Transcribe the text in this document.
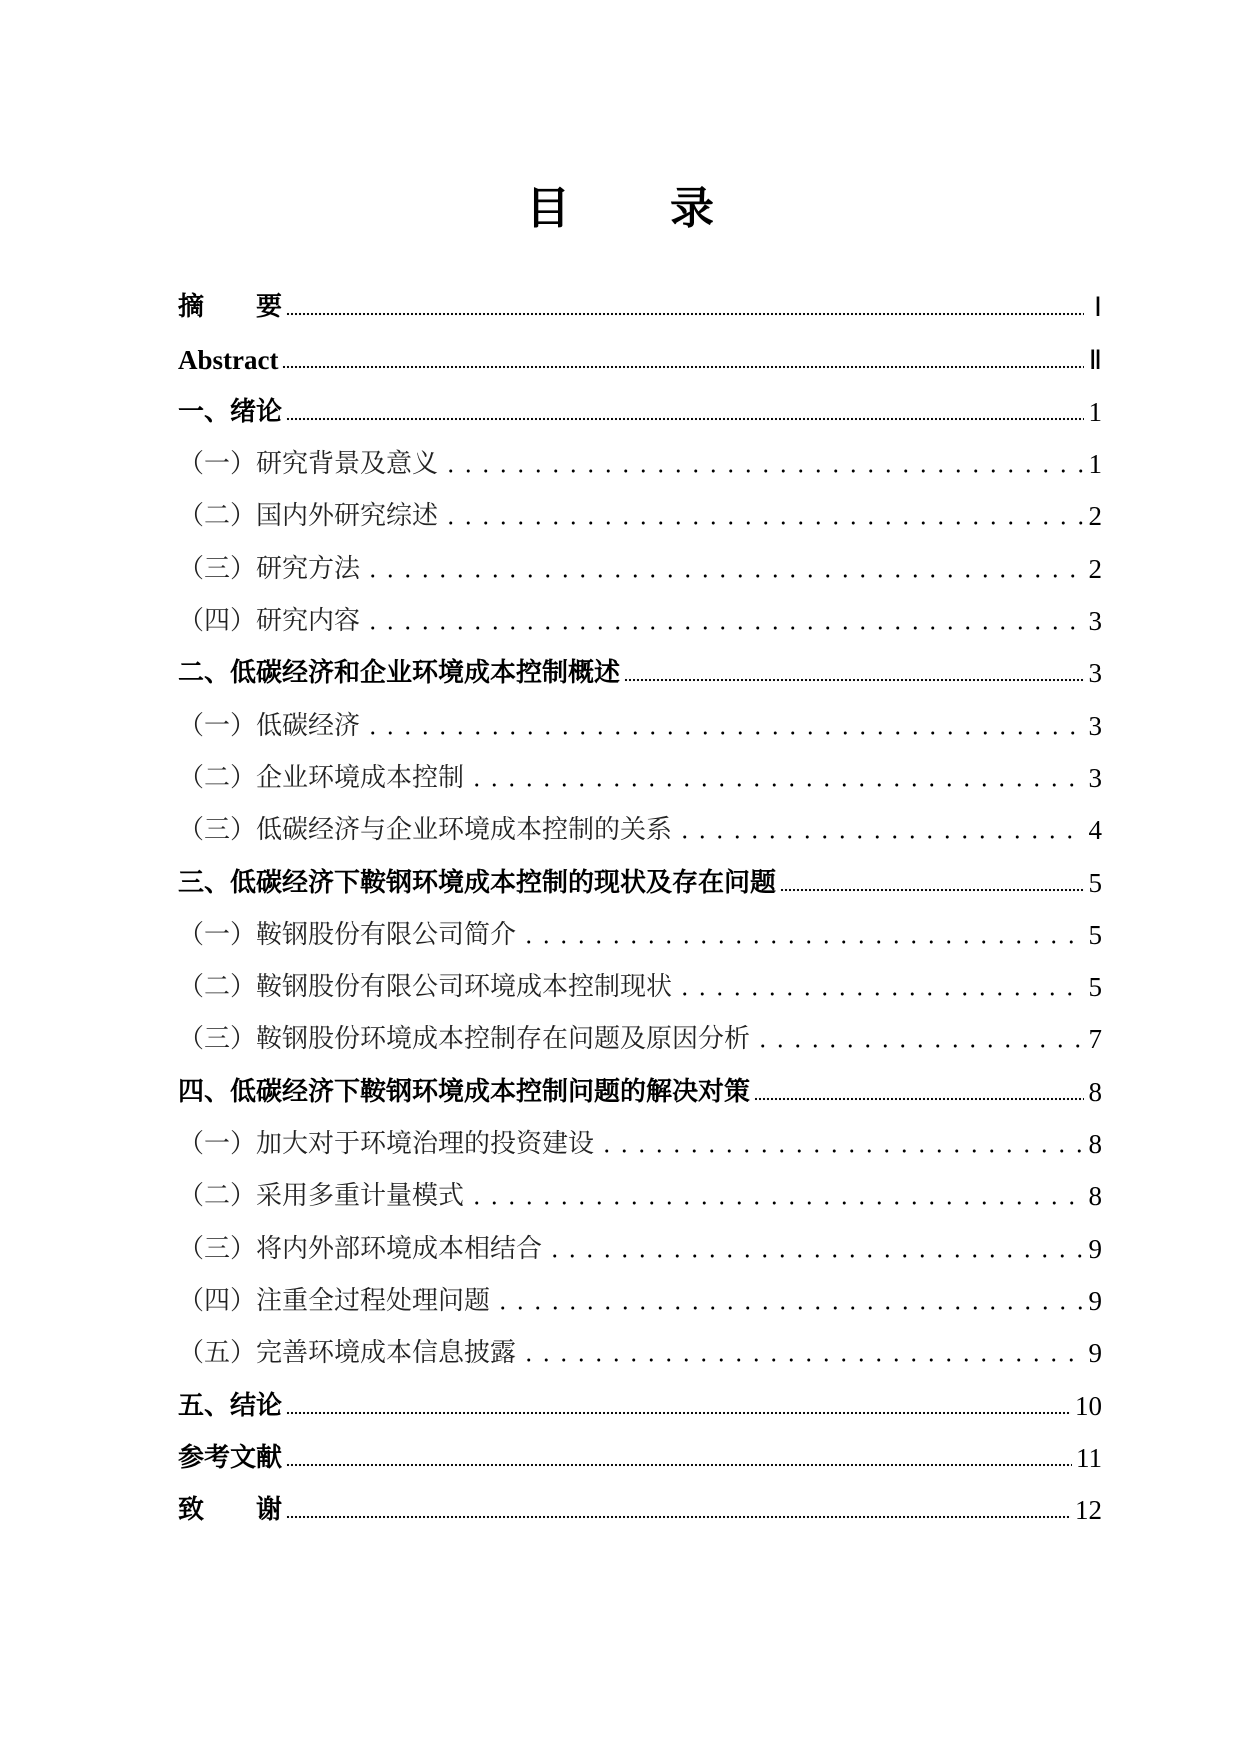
目 录
摘　　要	Ⅰ
Abstract	Ⅱ
一、绪论	1
（一）研究背景及意义	1
（二）国内外研究综述	2
（三）研究方法	2
（四）研究内容	3
二、低碳经济和企业环境成本控制概述	3
（一）低碳经济	3
（二）企业环境成本控制	3
（三）低碳经济与企业环境成本控制的关系	4
三、低碳经济下鞍钢环境成本控制的现状及存在问题	5
（一）鞍钢股份有限公司简介	5
（二）鞍钢股份有限公司环境成本控制现状	5
（三）鞍钢股份环境成本控制存在问题及原因分析	7
四、低碳经济下鞍钢环境成本控制问题的解决对策	8
（一）加大对于环境治理的投资建设	8
（二）采用多重计量模式	8
（三）将内外部环境成本相结合	9
（四）注重全过程处理问题	9
（五）完善环境成本信息披露	9
五、结论	10
参考文献	11
致　　谢	12
